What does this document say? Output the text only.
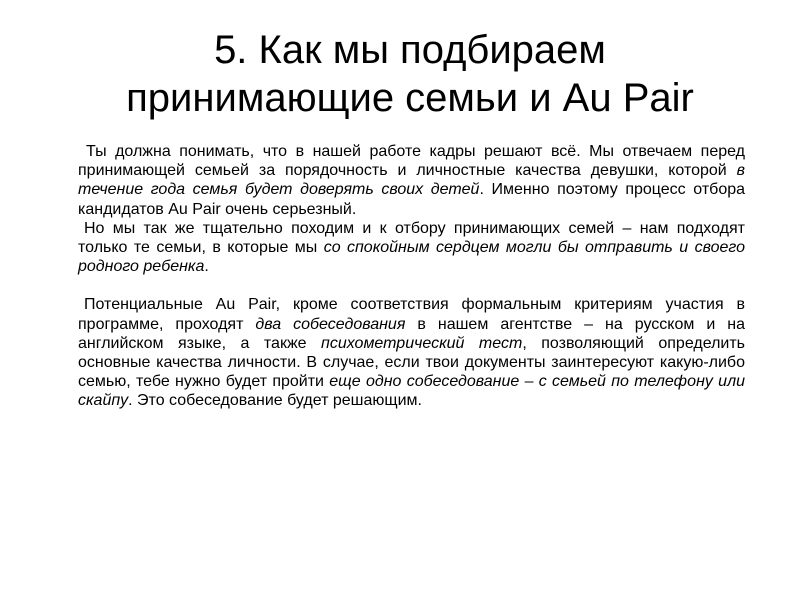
5. Как мы подбираем
принимающие семьи и Au Pair

Ты должна понимать, что в нашей работе кадры решают всё. Мы отвечаем перед принимающей семьей за порядочность и личностные качества девушки, которой в течение года семья будет доверять своих детей. Именно поэтому процесс отбора кандидатов Au Pair очень серьезный.

Но мы так же тщательно походим и к отбору принимающих семей – нам подходят только те семьи, в которые мы со спокойным сердцем могли бы отправить и своего родного ребенка.

Потенциальные Au Pair, кроме соответствия формальным критериям участия в программе, проходят два собеседования в нашем агентстве – на русском и на английском языке, а также психометрический тест, позволяющий определить основные качества личности. В случае, если твои документы заинтересуют какую-либо семью, тебе нужно будет пройти еще одно собеседование – с семьей по телефону или скайпу. Это собеседование будет решающим.
